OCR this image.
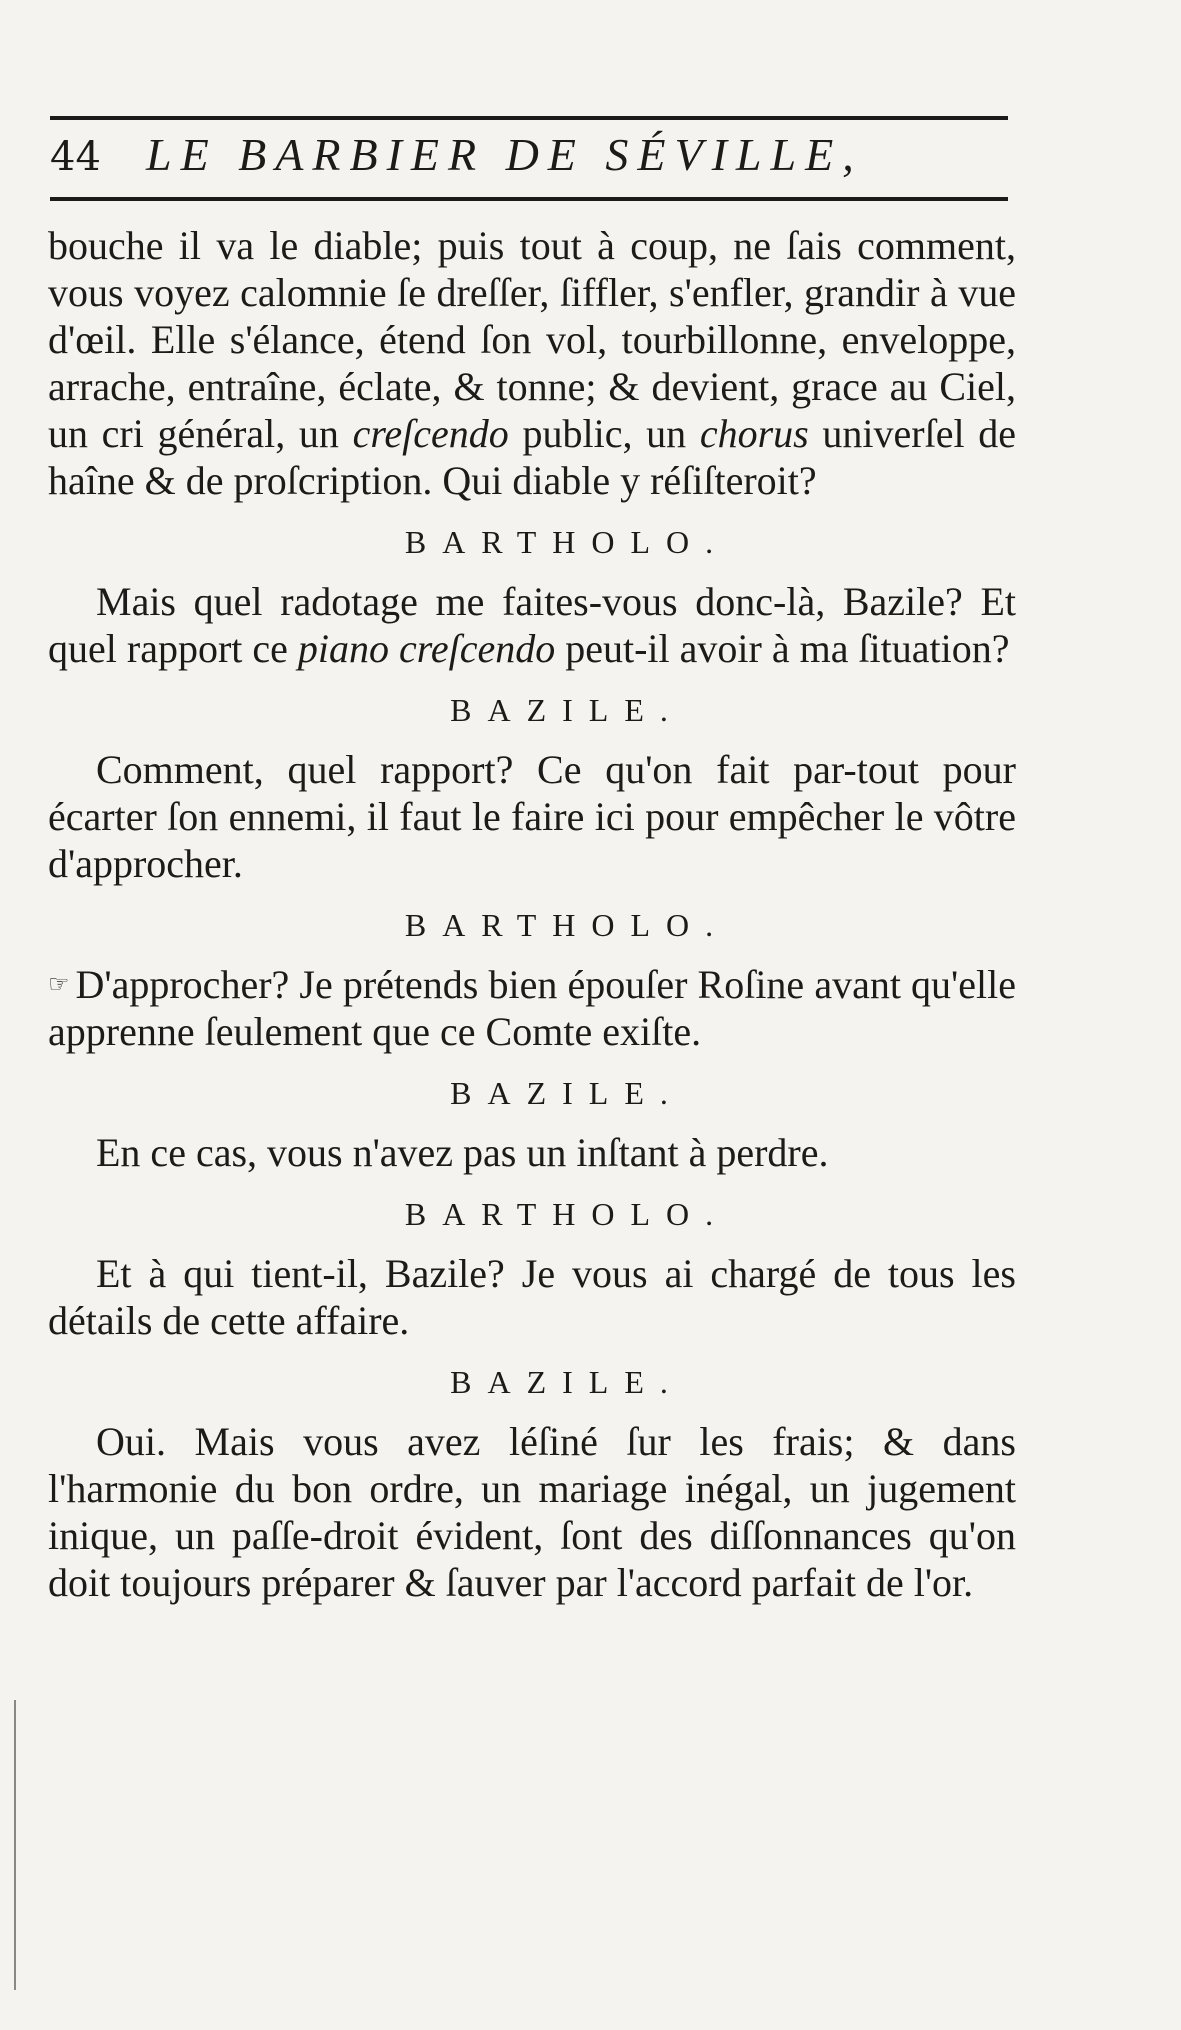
44 LE BARBIER DE SÉVILLE,

bouche il va le diable; puis tout à coup, ne ſais comment, vous voyez calomnie ſe dreſſer, ſiffler, s'enfler, grandir à vue d'œil. Elle s'élance, étend ſon vol, tourbillonne, enveloppe, arrache, entraîne, éclate, & tonne; & devient, grace au Ciel, un cri général, un creſcendo public, un chorus univerſel de haîne & de proſcription. Qui diable y réſiſteroit?

BARTHOLO.

Mais quel radotage me faites-vous donc-là, Bazile? Et quel rapport ce piano creſcendo peut-il avoir à ma ſituation?

BAZILE.

Comment, quel rapport? Ce qu'on fait par-tout pour écarter ſon ennemi, il faut le faire ici pour empêcher le vôtre d'approcher.

BARTHOLO.

☞ D'approcher? Je prétends bien épouſer Roſine avant qu'elle apprenne ſeulement que ce Comte exiſte.

BAZILE.

En ce cas, vous n'avez pas un inſtant à perdre.

BARTHOLO.

Et à qui tient-il, Bazile? Je vous ai chargé de tous les détails de cette affaire.

BAZILE.

Oui. Mais vous avez léſiné ſur les frais; & dans l'harmonie du bon ordre, un mariage inégal, un jugement inique, un paſſe-droit évident, ſont des diſſonnances qu'on doit toujours préparer & ſauver par l'accord parfait de l'or.
